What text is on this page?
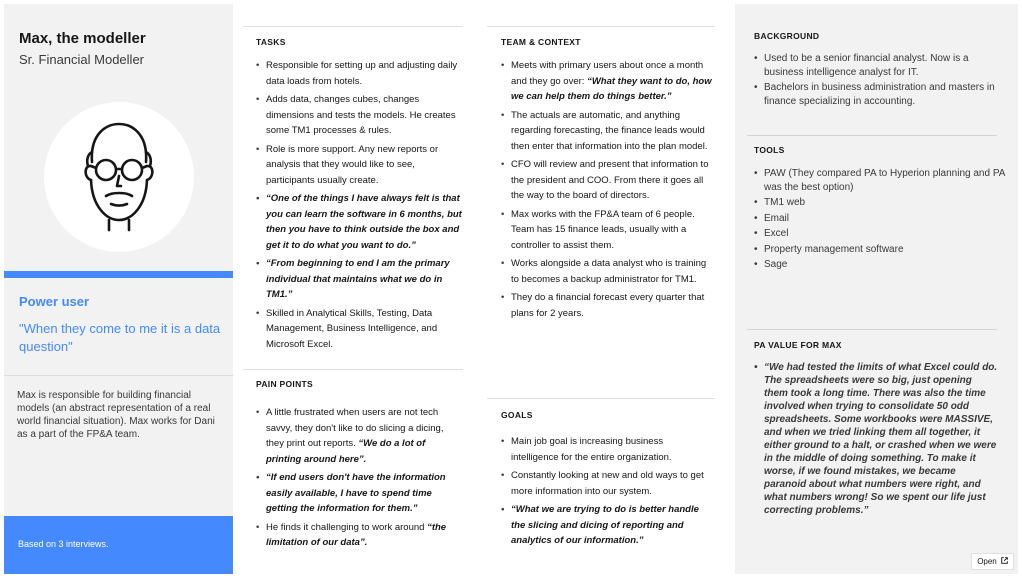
Max, the modeller
Sr. Financial Modeller
Power user
"When they come to me it is a data question"
Max is responsible for building financial models (an abstract representation of a real world financial situation). Max works for Dani as a part of the FP&A team.
Based on 3 interviews.
TASKS
• Responsible for setting up and adjusting daily data loads from hotels.
• Adds data, changes cubes, changes dimensions and tests the models. He creates some TM1 processes & rules.
• Role is more support. Any new reports or analysis that they would like to see, participants usually create.
• “One of the things I have always felt is that you can learn the software in 6 months, but then you have to think outside the box and get it to do what you want to do.”
• “From beginning to end I am the primary individual that maintains what we do in TM1.”
• Skilled in Analytical Skills, Testing, Data Management, Business Intelligence, and Microsoft Excel.
PAIN POINTS
• A little frustrated when users are not tech savvy, they don't like to do slicing a dicing, they print out reports. “We do a lot of printing around here”.
• “If end users don't have the information easily available, I have to spend time getting the information for them.”
• He finds it challenging to work around “the limitation of our data”.
TEAM & CONTEXT
• Meets with primary users about once a month and they go over: “What they want to do, how we can help them do things better.”
• The actuals are automatic, and anything regarding forecasting, the finance leads would then enter that information into the plan model.
• CFO will review and present that information to the president and COO. From there it goes all the way to the board of directors.
• Max works with the FP&A team of 6 people. Team has 15 finance leads, usually with a controller to assist them.
• Works alongside a data analyst who is training to becomes a backup administrator for TM1.
• They do a financial forecast every quarter that plans for 2 years.
GOALS
• Main job goal is increasing business intelligence for the entire organization.
• Constantly looking at new and old ways to get more information into our system.
• “What we are trying to do is better handle the slicing and dicing of reporting and analytics of our information.”
BACKGROUND
• Used to be a senior financial analyst. Now is a business intelligence analyst for IT.
• Bachelors in business administration and masters in finance specializing in accounting.
TOOLS
• PAW (They compared PA to Hyperion planning and PA was the best option)
• TM1 web
• Email
• Excel
• Property management software
• Sage
PA VALUE FOR MAX
• “We had tested the limits of what Excel could do. The spreadsheets were so big, just opening them took a long time. There was also the time involved when trying to consolidate 50 odd spreadsheets. Some workbooks were MASSIVE, and when we tried linking them all together, it either ground to a halt, or crashed when we were in the middle of doing something. To make it worse, if we found mistakes, we became paranoid about what numbers were right, and what numbers wrong! So we spent our life just correcting problems.”
Open
